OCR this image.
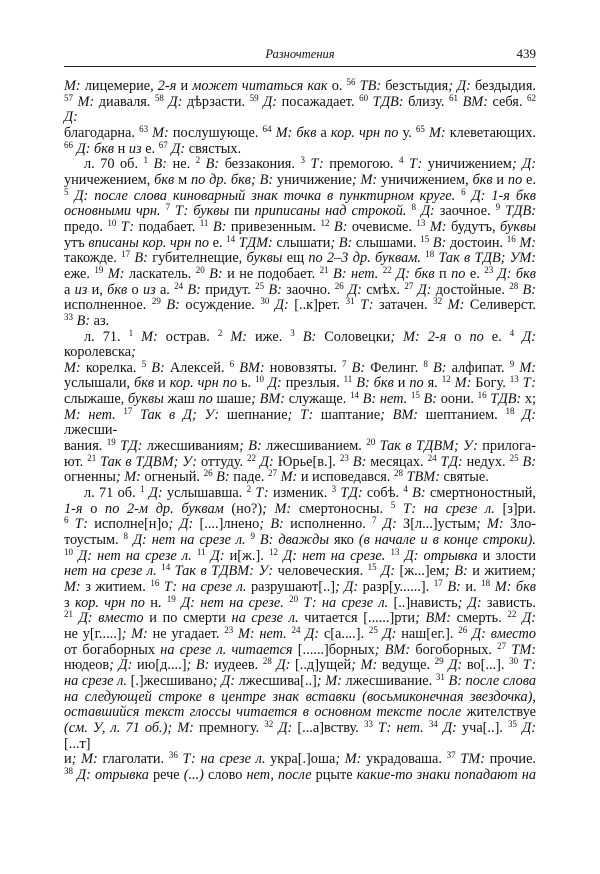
Разночтения	439
М: лицемерие, 2-я и может читаться как о. $^{56}$ ТВ: безстыдия; Д: бездыдия.
$^{57}$ М: диаваля. $^{58}$ Д: дѣрзасти. $^{59}$ Д: посажадает. $^{60}$ ТДВ: близу. $^{61}$ ВМ: себя. $^{62}$ Д:
благодарна. $^{63}$ М: послушующе. $^{64}$ М: бкв а кор. чрн по у. $^{65}$ М: клеветающих.
$^{66}$ Д: бкв н из е. $^{67}$ Д: свястых.
л. 70 об. $^1$ В: не. $^2$ В: беззакония. $^3$ Т: премогою. $^4$ Т: уничижением; Д:
уничежением, бкв м по др. бкв; В: уничижение; М: уничижением, бкв и по е.
$^5$ Д: после слова киноварный знак точка в пунктирном круге. $^6$ Д: 1-я бкв
основными чрн. $^7$ Т: буквы пи приписаны над строкой. $^8$ Д: заочное. $^9$ ТДВ:
предо. $^{10}$ Т: подабает. $^{11}$ В: привезенным. $^{12}$ В: очевисме. $^{13}$ М: будутъ, буквы
утъ вписаны кор. чрн по е. $^{14}$ ТДМ: слышати; В: слышами. $^{15}$ В: достоин. $^{16}$ М:
такожде. $^{17}$ В: губителнещие, буквы ещ по 2–3 др. буквам. $^{18}$ Так в ТДВ; УМ:
еже. $^{19}$ М: ласкатель. $^{20}$ В: и не подобает. $^{21}$ В: нет. $^{22}$ Д: бкв п по е. $^{23}$ Д: бкв
а из и, бкв о из а. $^{24}$ В: придут. $^{25}$ В: заочно. $^{26}$ Д: смѣх. $^{27}$ Д: достойные. $^{28}$ В:
исполненное. $^{29}$ В: осуждение. $^{30}$ Д: [..к]рет. $^{31}$ Т: затачен. $^{32}$ М: Селиверст.
$^{33}$ В: аз.
л. 71. $^1$ М: острав. $^2$ М: иже. $^3$ В: Соловецки; М: 2-я о по е. $^4$ Д: королевска;
М: корелка. $^5$ В: Алексей. $^6$ ВМ: нововзяты. $^7$ В: Фелинг. $^8$ В: алфипат. $^9$ М:
услышали, бкв и кор. чрн по ь. $^{10}$ Д: презлыя. $^{11}$ В: бкв и по я. $^{12}$ М: Богу. $^{13}$ Т:
слыжаше, буквы жаш по шаше; ВМ: служаще. $^{14}$ В: нет. $^{15}$ В: оони. $^{16}$ ТДВ: х;
М: нет. $^{17}$ Так в Д; У: шепнание; Т: шаптание; ВМ: шептанием. $^{18}$ Д: лжесши-
вания. $^{19}$ ТД: лжесшиваниям; В: лжесшиванием. $^{20}$ Так в ТДВМ; У: прилога-
ют. $^{21}$ Так в ТДВМ; У: оттуду. $^{22}$ Д: Юрье[в.]. $^{23}$ В: месяцах. $^{24}$ ТД: недух. $^{25}$ В:
огненны; М: огненый. $^{26}$ В: паде. $^{27}$ М: и исповедався. $^{28}$ ТВМ: святые.
л. 71 об. $^1$ Д: услышавша. $^2$ Т: изменик. $^3$ ТД: собѣ. $^4$ В: смертноностный,
1-я о по 2-м др. буквам (но?); М: смертоносны. $^5$ Т: на срезе л. [з]ри.
$^6$ Т: исполне[н]о; Д: [....]лнено; В: исполненно. $^7$ Д: З[л...]устым; М: Зло-
тоустым. $^8$ Д: нет на срезе л. $^9$ В: дважды яко (в начале и в конце строки).
$^{10}$ Д: нет на срезе л. $^{11}$ Д: и[ж.]. $^{12}$ Д: нет на срезе. $^{13}$ Д: отрывка и злости
нет на срезе л. $^{14}$ Так в ТДВМ: У: человеческия. $^{15}$ Д: [ж...]ем; В: и житием;
М: з житием. $^{16}$ Т: на срезе л. разрушают[..]; Д: разр[у......]. $^{17}$ В: и. $^{18}$ М: бкв
з кор. чрн по н. $^{19}$ Д: нет на срезе. $^{20}$ Т: на срезе л. [..]нависть; Д: зависть.
$^{21}$ Д: вместо и по смерти на срезе л. читается [......]рти; ВМ: смерть. $^{22}$ Д:
не у[г.....]; М: не угадает. $^{23}$ М: нет. $^{24}$ Д: с[а....]. $^{25}$ Д: наш[ег.]. $^{26}$ Д: вместо
от богаборных на срезе л. читается [......]борных; ВМ: богоборных. $^{27}$ ТМ:
нюдеов; Д: ию[д....]; В: иудеев. $^{28}$ Д: [..д]ущей; М: ведуще. $^{29}$ Д: во[...]. $^{30}$ Т:
на срезе л. [.]жесшивано; Д: лжесшива[..]; М: лжесшивание. $^{31}$ В: после слова
на следующей строке в центре знак вставки (восьмиконечная звездочка),
оставшийся текст глоссы читается в основном тексте после жителствуе
(см. У, л. 71 об.); М: премногу. $^{32}$ Д: [...а]вству. $^{33}$ Т: нет. $^{34}$ Д: уча[..]. $^{35}$ Д: [...т]
и; М: глаголати. $^{36}$ Т: на срезе л. укра[.]оша; М: украдоваша. $^{37}$ ТМ: прочие.
$^{38}$ Д: отрывка рече (...) слово нет, после рцыте какие-то знаки попадают на
